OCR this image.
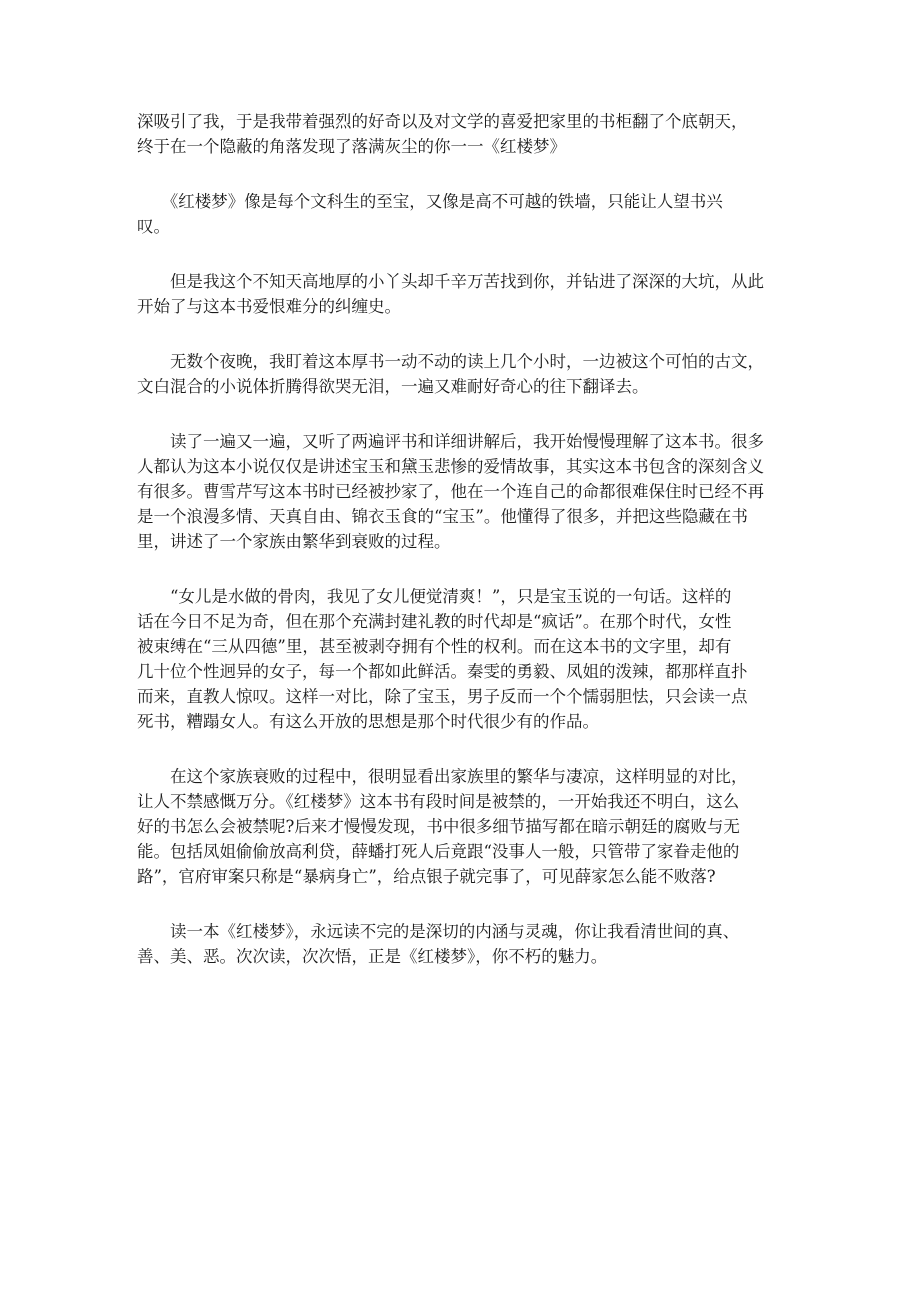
深吸引了我，于是我带着强烈的好奇以及对文学的喜爱把家里的书柜翻了个底朝天，
终于在一个隐蔽的角落发现了落满灰尘的你一一《红楼梦》

　　《红楼梦》像是每个文科生的至宝，又像是高不可越的铁墙，只能让人望书兴
叹。

　　但是我这个不知天高地厚的小丫头却千辛万苦找到你，并钻进了深深的大坑，从此
开始了与这本书爱恨难分的纠缠史。

　　无数个夜晚，我盯着这本厚书一动不动的读上几个小时，一边被这个可怕的古文，
文白混合的小说体折腾得欲哭无泪，一遍又难耐好奇心的往下翻译去。

　　读了一遍又一遍，又听了两遍评书和详细讲解后，我开始慢慢理解了这本书。很多
人都认为这本小说仅仅是讲述宝玉和黛玉悲惨的爱情故事，其实这本书包含的深刻含义
有很多。曹雪芹写这本书时已经被抄家了，他在一个连自己的命都很难保住时已经不再
是一个浪漫多情、天真自由、锦衣玉食的“宝玉”。他懂得了很多，并把这些隐藏在书
里，讲述了一个家族由繁华到衰败的过程。

　　“女儿是水做的骨肉，我见了女儿便觉清爽！”，只是宝玉说的一句话。这样的
话在今日不足为奇，但在那个充满封建礼教的时代却是“疯话”。在那个时代，女性
被束缚在“三从四德”里，甚至被剥夺拥有个性的权利。而在这本书的文字里，却有
几十位个性迥异的女子，每一个都如此鲜活。秦雯的勇毅、凤姐的泼辣，都那样直扑
而来，直教人惊叹。这样一对比，除了宝玉，男子反而一个个懦弱胆怯，只会读一点
死书，糟蹋女人。有这么开放的思想是那个时代很少有的作品。

　　在这个家族衰败的过程中，很明显看出家族里的繁华与凄凉，这样明显的对比，
让人不禁感慨万分。《红楼梦》这本书有段时间是被禁的，一开始我还不明白，这么
好的书怎么会被禁呢?后来才慢慢发现，书中很多细节描写都在暗示朝廷的腐败与无
能。包括凤姐偷偷放高利贷，薛蟠打死人后竟跟“没事人一般，只管带了家眷走他的
路”，官府审案只称是“暴病身亡”，给点银子就完事了，可见薛家怎么能不败落?

　　读一本《红楼梦》，永远读不完的是深切的内涵与灵魂，你让我看清世间的真、
善、美、恶。次次读，次次悟，正是《红楼梦》，你不朽的魅力。
